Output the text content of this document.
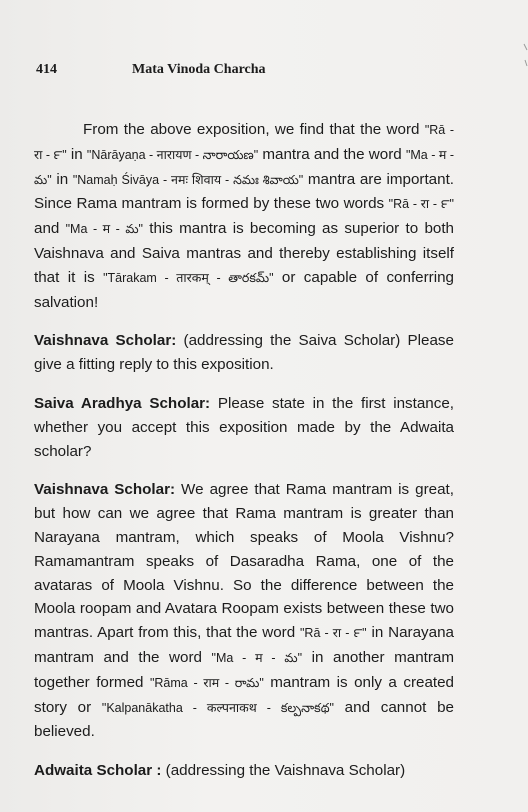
414	Mata Vinoda Charcha

From the above exposition, we find that the word "Rā - रा - ౯" in "Nārāyaṇa - नारायण - నారాయణ" mantra and the word "Ma - म - మ" in "Namaḥ Śivāya - नमः शिवाय - నమః శివాయ" mantra are important. Since Rama mantram is formed by these two words "Rā - रा - ౯" and "Ma - म - మ" this mantra is becoming as superior to both Vaishnava and Saiva mantras and thereby establishing itself that it is "Tārakam - तारकम् - తారకమ్" or capable of conferring salvation!

Vaishnava Scholar: (addressing the Saiva Scholar) Please give a fitting reply to this exposition.

Saiva Aradhya Scholar: Please state in the first instance, whether you accept this exposition made by the Adwaita scholar?

Vaishnava Scholar: We agree that Rama mantram is great, but how can we agree that Rama mantram is greater than Narayana mantram, which speaks of Moola Vishnu? Ramamantram speaks of Dasaradha Rama, one of the avataras of Moola Vishnu. So the difference between the Moola roopam and Avatara Roopam exists between these two mantras. Apart from this, that the word "Rā - रा - ౯" in Narayana mantram and the word "Ma - म - మ" in another mantram together formed "Rāma - राम - రామ" mantram is only a created story or "Kalpanākatha - कल्पनाकथ - కల్పనాకథ" and cannot be believed.

Adwaita Scholar : (addressing the Vaishnava Scholar)
